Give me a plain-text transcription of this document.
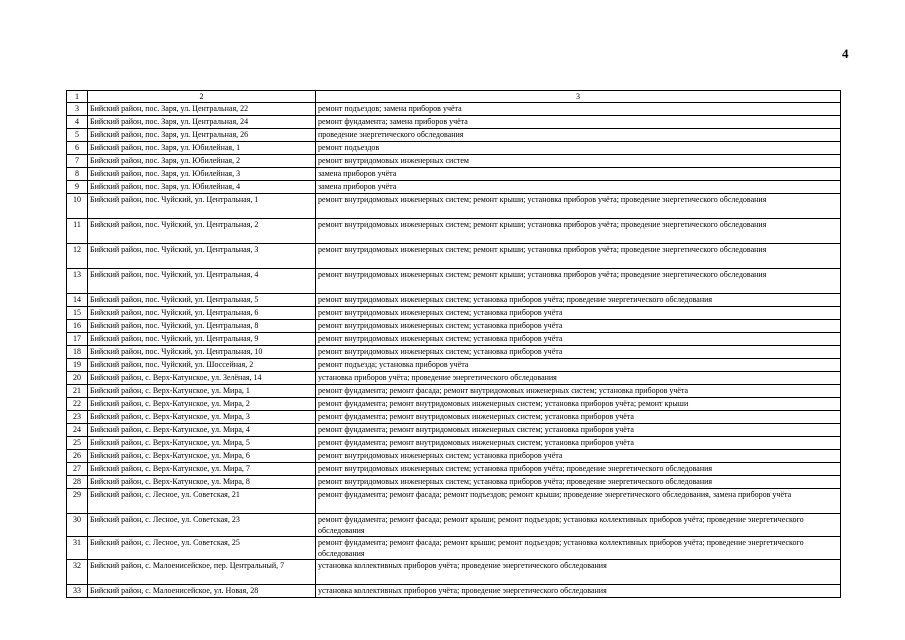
4
1	2	3
3	Бийский район, пос. Заря, ул. Центральная, 22	ремонт подъездов; замена приборов учёта
4	Бийский район, пос. Заря, ул. Центральная, 24	ремонт фундамента; замена приборов учёта
5	Бийский район, пос. Заря, ул. Центральная, 26	проведение энергетического обследования
6	Бийский район, пос. Заря, ул. Юбилейная, 1	ремонт подъездов
7	Бийский район, пос. Заря, ул. Юбилейная, 2	ремонт внутридомовых инженерных систем
8	Бийский район, пос. Заря, ул. Юбилейная, 3	замена приборов учёта
9	Бийский район, пос. Заря, ул. Юбилейная, 4	замена приборов учёта
10	Бийский район, пос. Чуйский, ул. Центральная, 1	ремонт внутридомовых инженерных систем; ремонт крыши; установка приборов учёта; проведение энергетического обследования
11	Бийский район, пос. Чуйский, ул. Центральная, 2	ремонт внутридомовых инженерных систем; ремонт крыши; установка приборов учёта; проведение энергетического обследования
12	Бийский район, пос. Чуйский, ул. Центральная, 3	ремонт внутридомовых инженерных систем; ремонт крыши; установка приборов учёта; проведение энергетического обследования
13	Бийский район, пос. Чуйский, ул. Центральная, 4	ремонт внутридомовых инженерных систем; ремонт крыши; установка приборов учёта; проведение энергетического обследования
14	Бийский район, пос. Чуйский, ул. Центральная, 5	ремонт внутридомовых инженерных систем; установка приборов учёта; проведение энергетического обследования
15	Бийский район, пос. Чуйский, ул. Центральная, 6	ремонт внутридомовых инженерных систем; установка приборов учёта
16	Бийский район, пос. Чуйский, ул. Центральная, 8	ремонт внутридомовых инженерных систем; установка приборов учёта
17	Бийский район, пос. Чуйский, ул. Центральная, 9	ремонт внутридомовых инженерных систем; установка приборов учёта
18	Бийский район, пос. Чуйский, ул. Центральная, 10	ремонт внутридомовых инженерных систем; установка приборов учёта
19	Бийский район, пос. Чуйский, ул. Шоссейная, 2	ремонт подъезда; установка приборов учёта
20	Бийский район, с. Верх-Катунское, ул. Зелёная, 14	установка приборов учёта; проведение энергетического обследования
21	Бийский район, с. Верх-Катунское, ул. Мира, 1	ремонт фундамента; ремонт фасада; ремонт внутридомовых инженерных систем; установка приборов учёта
22	Бийский район, с. Верх-Катунское, ул. Мира, 2	ремонт фундамента; ремонт внутридомовых инженерных систем; установка приборов учёта; ремонт крыши
23	Бийский район, с. Верх-Катунское, ул. Мира, 3	ремонт фундамента; ремонт внутридомовых инженерных систем; установка приборов учёта
24	Бийский район, с. Верх-Катунское, ул. Мира, 4	ремонт фундамента; ремонт внутридомовых инженерных систем; установка приборов учёта
25	Бийский район, с. Верх-Катунское, ул. Мира, 5	ремонт фундамента; ремонт внутридомовых инженерных систем; установка приборов учёта
26	Бийский район, с. Верх-Катунское, ул. Мира, 6	ремонт внутридомовых инженерных систем; установка приборов учёта
27	Бийский район, с. Верх-Катунское, ул. Мира, 7	ремонт внутридомовых инженерных систем; установка приборов учёта; проведение энергетического обследования
28	Бийский район, с. Верх-Катунское, ул. Мира, 8	ремонт внутридомовых инженерных систем; установка приборов учёта; проведение энергетического обследования
29	Бийский район, с. Лесное, ул. Советская, 21	ремонт фундамента; ремонт фасада; ремонт подъездов; ремонт крыши; проведение энергетического обследования, замена приборов учёта
30	Бийский район, с. Лесное, ул. Советская, 23	ремонт фундамента; ремонт фасада; ремонт крыши; ремонт подъездов; установка коллективных приборов учёта; проведение энергетического обследования
31	Бийский район, с. Лесное, ул. Советская, 25	ремонт фундамента; ремонт фасада; ремонт крыши; ремонт подъездов; установка коллективных приборов учёта; проведение энергетического обследования
32	Бийский район, с. Малоенисейское, пер. Центральный, 7	установка коллективных приборов учёта; проведение энергетического обследования
33	Бийский район, с. Малоенисейское, ул. Новая, 28	установка коллективных приборов учёта; проведение энергетического обследования
